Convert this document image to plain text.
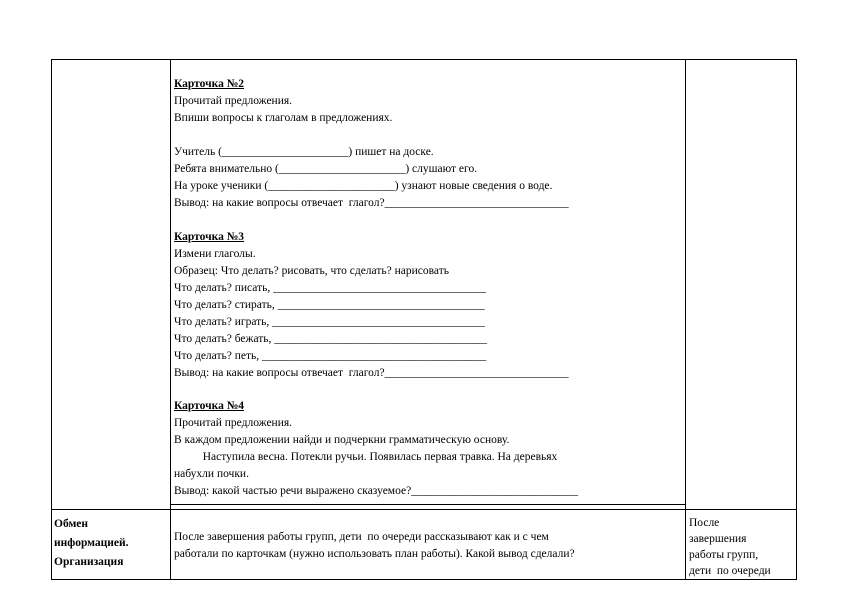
Карточка №2
Прочитай предложения.
Впиши вопросы к глаголам в предложениях.
Учитель (______________________) пишет на доске.
Ребята внимательно (______________________) слушают его.
На уроке ученики (______________________) узнают новые сведения о воде.
Вывод: на какие вопросы отвечает  глагол?________________________________
Карточка №3
Измени глаголы.
Образец: Что делать? рисовать, что сделать? нарисовать
Что делать? писать, _____________________________________
Что делать? стирать, ____________________________________
Что делать? играть, _____________________________________
Что делать? бежать, _____________________________________
Что делать? петь, _______________________________________
Вывод: на какие вопросы отвечает  глагол?________________________________
Карточка №4
Прочитай предложения.
В каждом предложении найди и подчеркни грамматическую основу.
Наступила весна. Потекли ручьи. Появилась первая травка. На деревьях
набухли почки.
Вывод: какой частью речи выражено сказуемое?_____________________________
Обмен
информацией.
Организация
После завершения работы групп, дети  по очереди рассказывают как и с чем
работали по карточкам (нужно использовать план работы). Какой вывод сделали?
После
завершения
работы групп,
дети  по очереди
